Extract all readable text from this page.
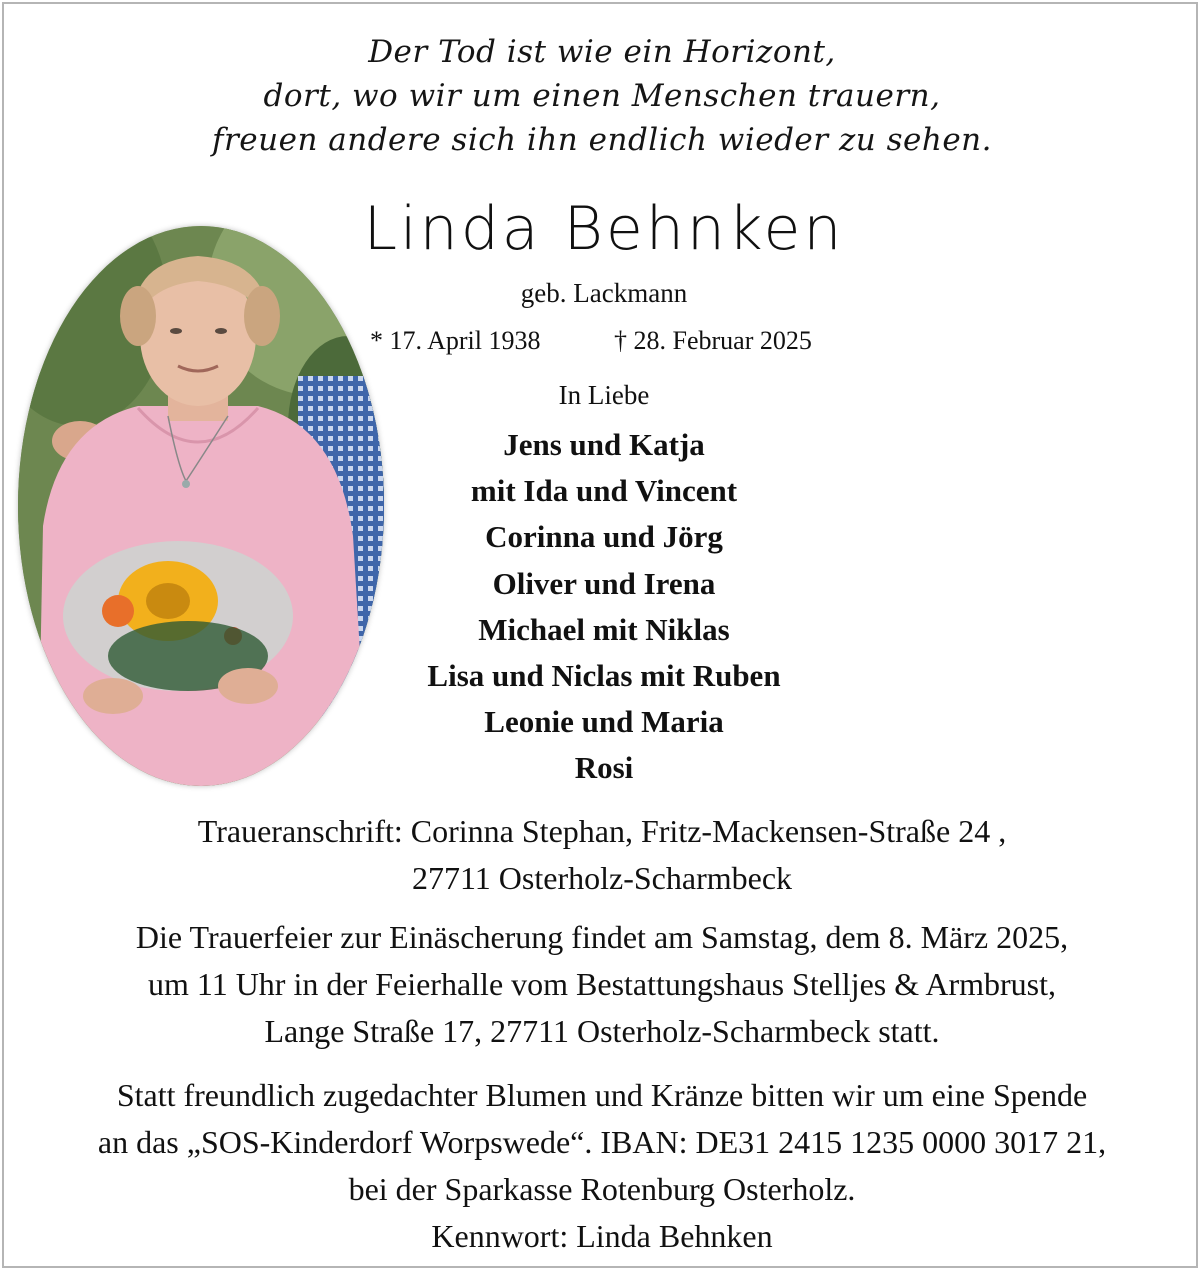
Der Tod ist wie ein Horizont,
dort, wo wir um einen Menschen trauern,
freuen andere sich ihn endlich wieder zu sehen.
Linda Behnken
geb. Lackmann
* 17. April 1938	† 28. Februar 2025
In Liebe
Jens und Katja
mit Ida und Vincent
Corinna und Jörg
Oliver und Irena
Michael mit Niklas
Lisa und Niclas mit Ruben
Leonie und Maria
Rosi
Traueranschrift: Corinna Stephan, Fritz-Mackensen-Straße 24 ,
27711 Osterholz-Scharmbeck
Die Trauerfeier zur Einäscherung findet am Samstag, dem 8. März 2025,
um 11 Uhr in der Feierhalle vom Bestattungshaus Stelljes & Armbrust,
Lange Straße 17, 27711 Osterholz-Scharmbeck statt.
Statt freundlich zugedachter Blumen und Kränze bitten wir um eine Spende
an das „SOS-Kinderdorf Worpswede“. IBAN: DE31 2415 1235 0000 3017 21,
bei der Sparkasse Rotenburg Osterholz.
Kennwort: Linda Behnken
